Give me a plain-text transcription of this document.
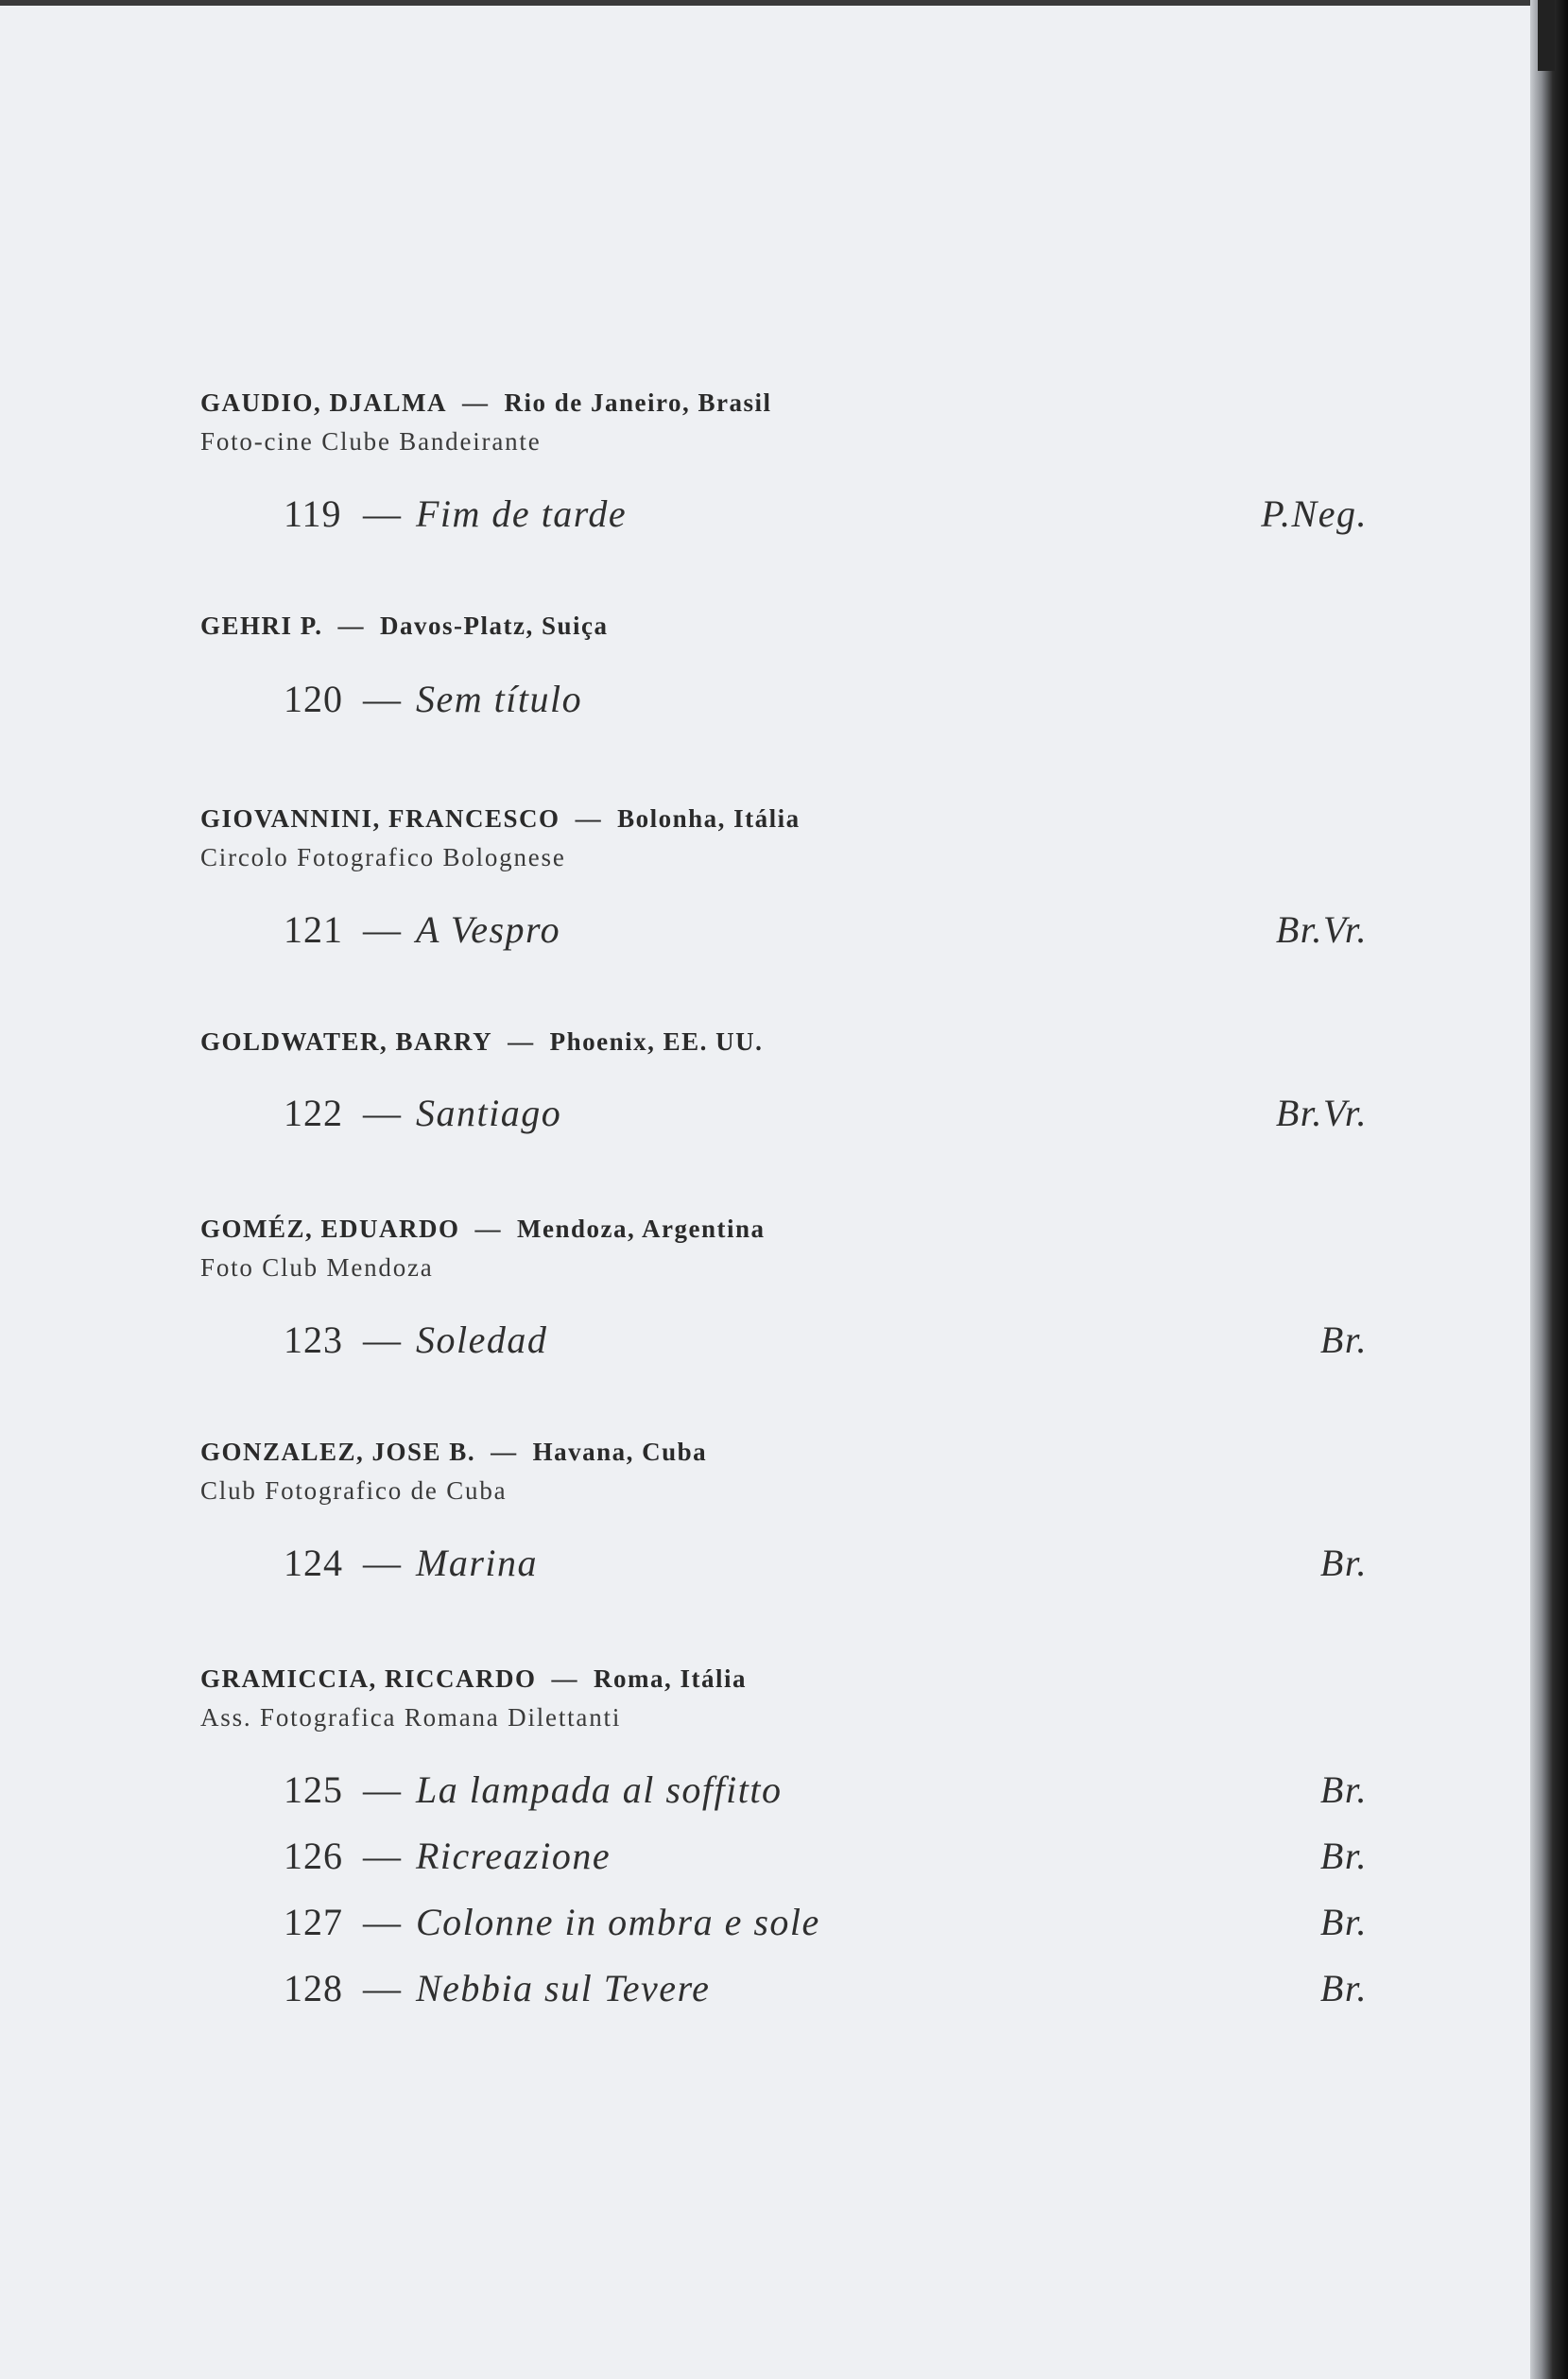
GAUDIO, DJALMA — Rio de Janeiro, Brasil
Foto-cine Clube Bandeirante
119 — Fim de tarde	P.Neg.
GEHRI P. — Davos-Platz, Suiça
120 — Sem título
GIOVANNINI, FRANCESCO — Bolonha, Itália
Circolo Fotografico Bolognese
121 — A Vespro	Br.Vr.
GOLDWATER, BARRY — Phoenix, EE. UU.
122 — Santiago	Br.Vr.
GOMÉZ, EDUARDO — Mendoza, Argentina
Foto Club Mendoza
123 — Soledad	Br.
GONZALEZ, JOSE B. — Havana, Cuba
Club Fotografico de Cuba
124 — Marina	Br.
GRAMICCIA, RICCARDO — Roma, Itália
Ass. Fotografica Romana Dilettanti
125 — La lampada al soffitto	Br.
126 — Ricreazione	Br.
127 — Colonne in ombra e sole	Br.
128 — Nebbia sul Tevere	Br.
